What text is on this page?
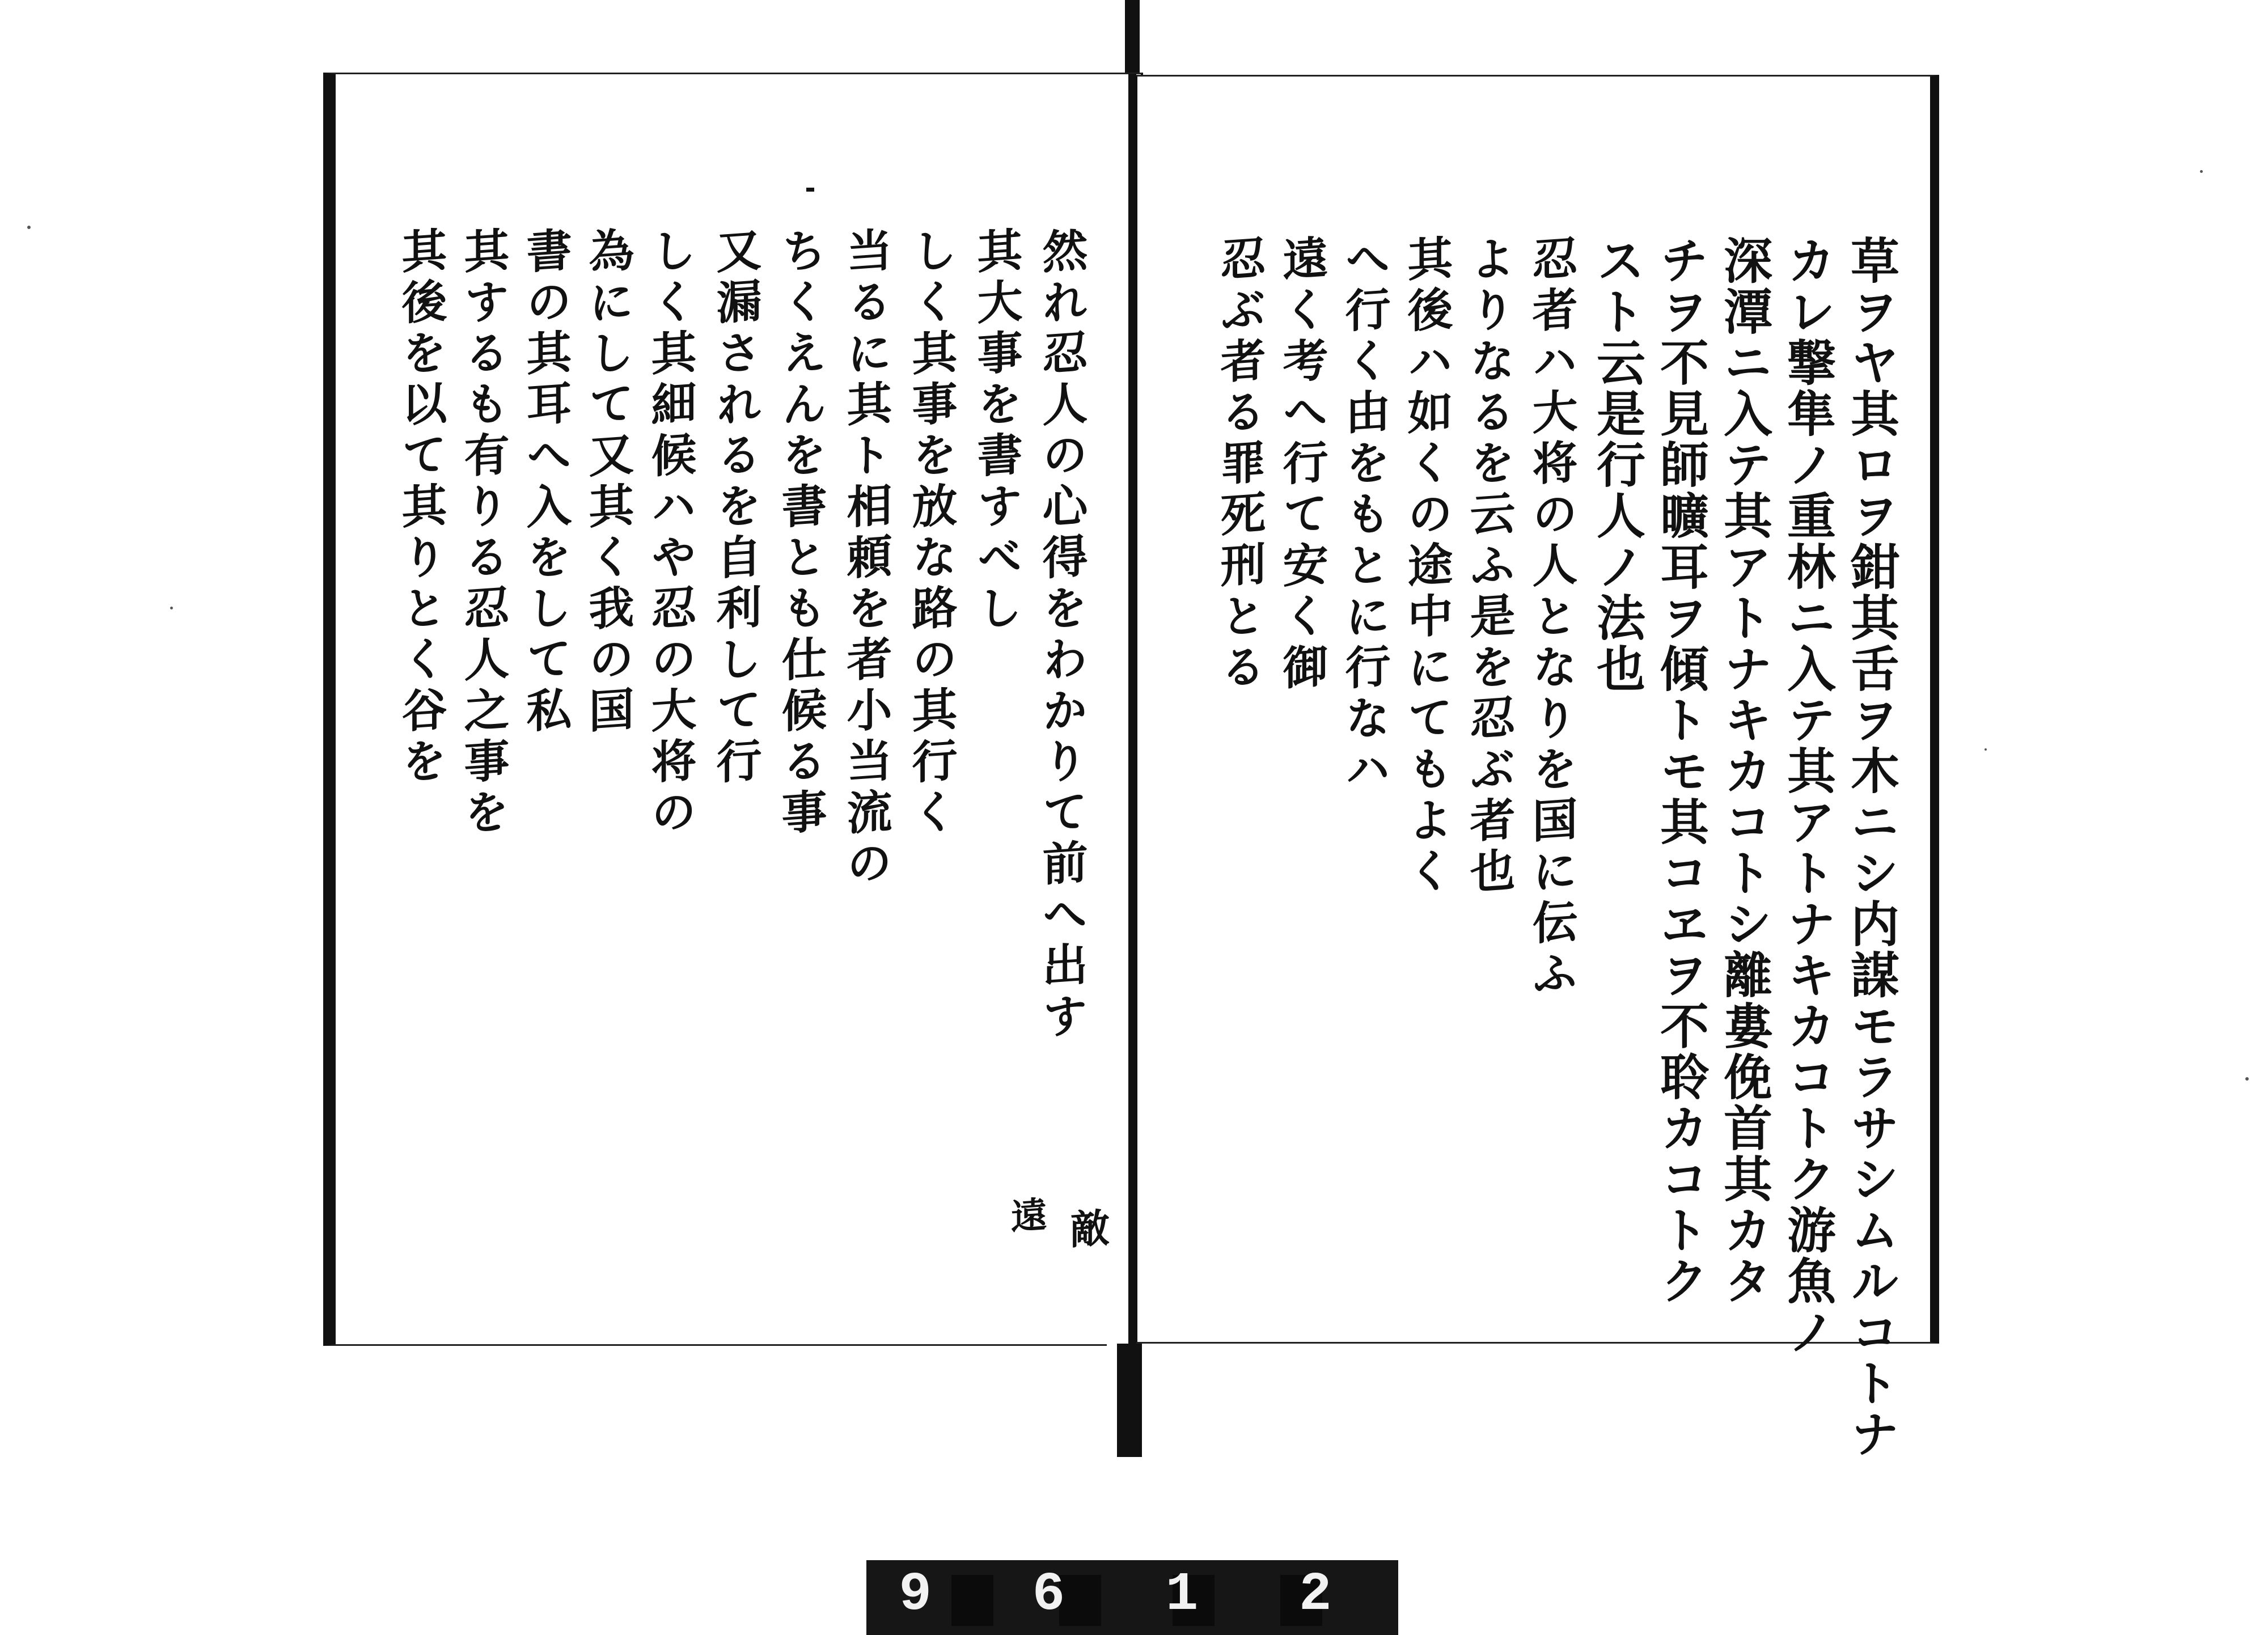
然れ忍人の心得をわかりて前へ出す
其大事を書すべし
しく其事を放な路の其行く
当るに其ト相頼を者小当流の
ちくえんを書とも仕候る事
又漏されるを自利して行
しく其細候ハや忍の大将の
為にして又其く我の国
書の其耳へ入をして私
其するも有りる忍人之事を
其後を以て其りとく谷を
遠 敵	草ヲヤ其ロヲ鉗其舌ヲ木ニシ内謀モラサシムルコトナ
カレ撃隼ノ重林ニ入テ其アトナキカコトク游魚ノ
深潭ニ入テ其アトナキカコトシ離婁俛首其カタ
チヲ不見師曠耳ヲ傾トモ其コヱヲ不聆カコトク
スト云是行人ノ法也
忍者ハ大将の人となりを国に伝ふ
よりなるを云ふ是を忍ぶ者也
其後ハ如くの途中にてもよく
へ行く由をもとに行なハ
遠く考へ行て安く御
忍ぶ者る罪死刑とる
9 6 1 2
